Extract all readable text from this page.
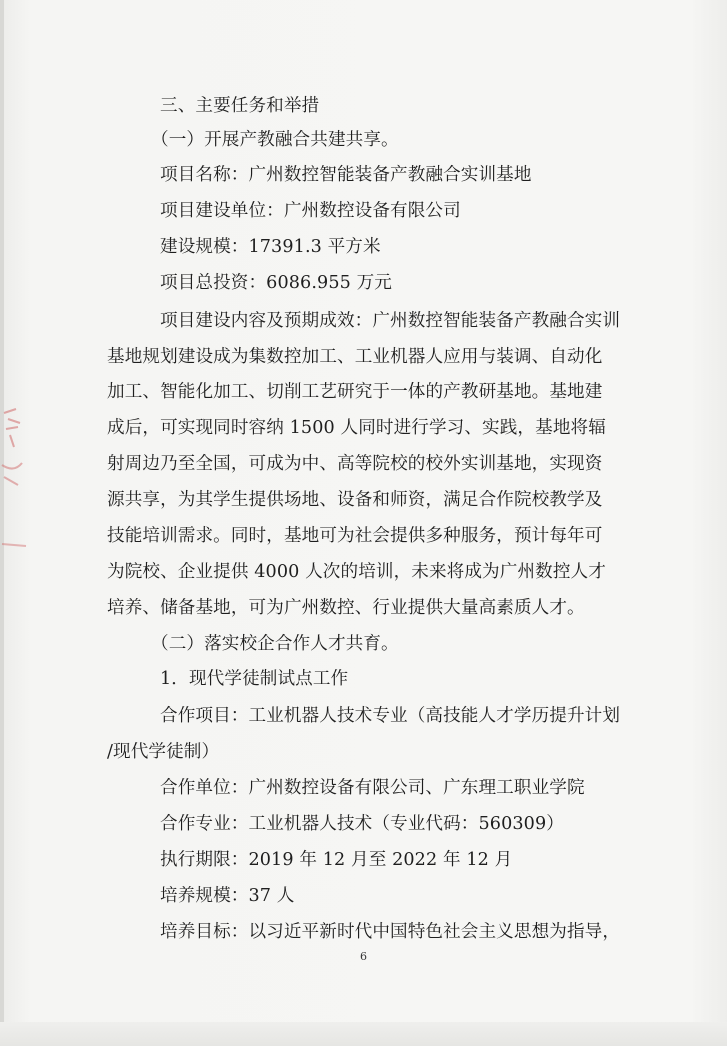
三、主要任务和举措
（一）开展产教融合共建共享。
项目名称：广州数控智能装备产教融合实训基地
项目建设单位：广州数控设备有限公司
建设规模：17391.3 平方米
项目总投资：6086.955 万元
项目建设内容及预期成效：广州数控智能装备产教融合实训
基地规划建设成为集数控加工、工业机器人应用与装调、自动化
加工、智能化加工、切削工艺研究于一体的产教研基地。基地建
成后，可实现同时容纳 1500 人同时进行学习、实践，基地将辐
射周边乃至全国，可成为中、高等院校的校外实训基地，实现资
源共享，为其学生提供场地、设备和师资，满足合作院校教学及
技能培训需求。同时，基地可为社会提供多种服务，预计每年可
为院校、企业提供 4000 人次的培训，未来将成为广州数控人才
培养、储备基地，可为广州数控、行业提供大量高素质人才。
（二）落实校企合作人才共育。
1．现代学徒制试点工作
合作项目：工业机器人技术专业（高技能人才学历提升计划
/现代学徒制）
合作单位：广州数控设备有限公司、广东理工职业学院
合作专业：工业机器人技术（专业代码：560309）
执行期限：2019 年 12 月至 2022 年 12 月
培养规模：37 人
培养目标：以习近平新时代中国特色社会主义思想为指导，
6
